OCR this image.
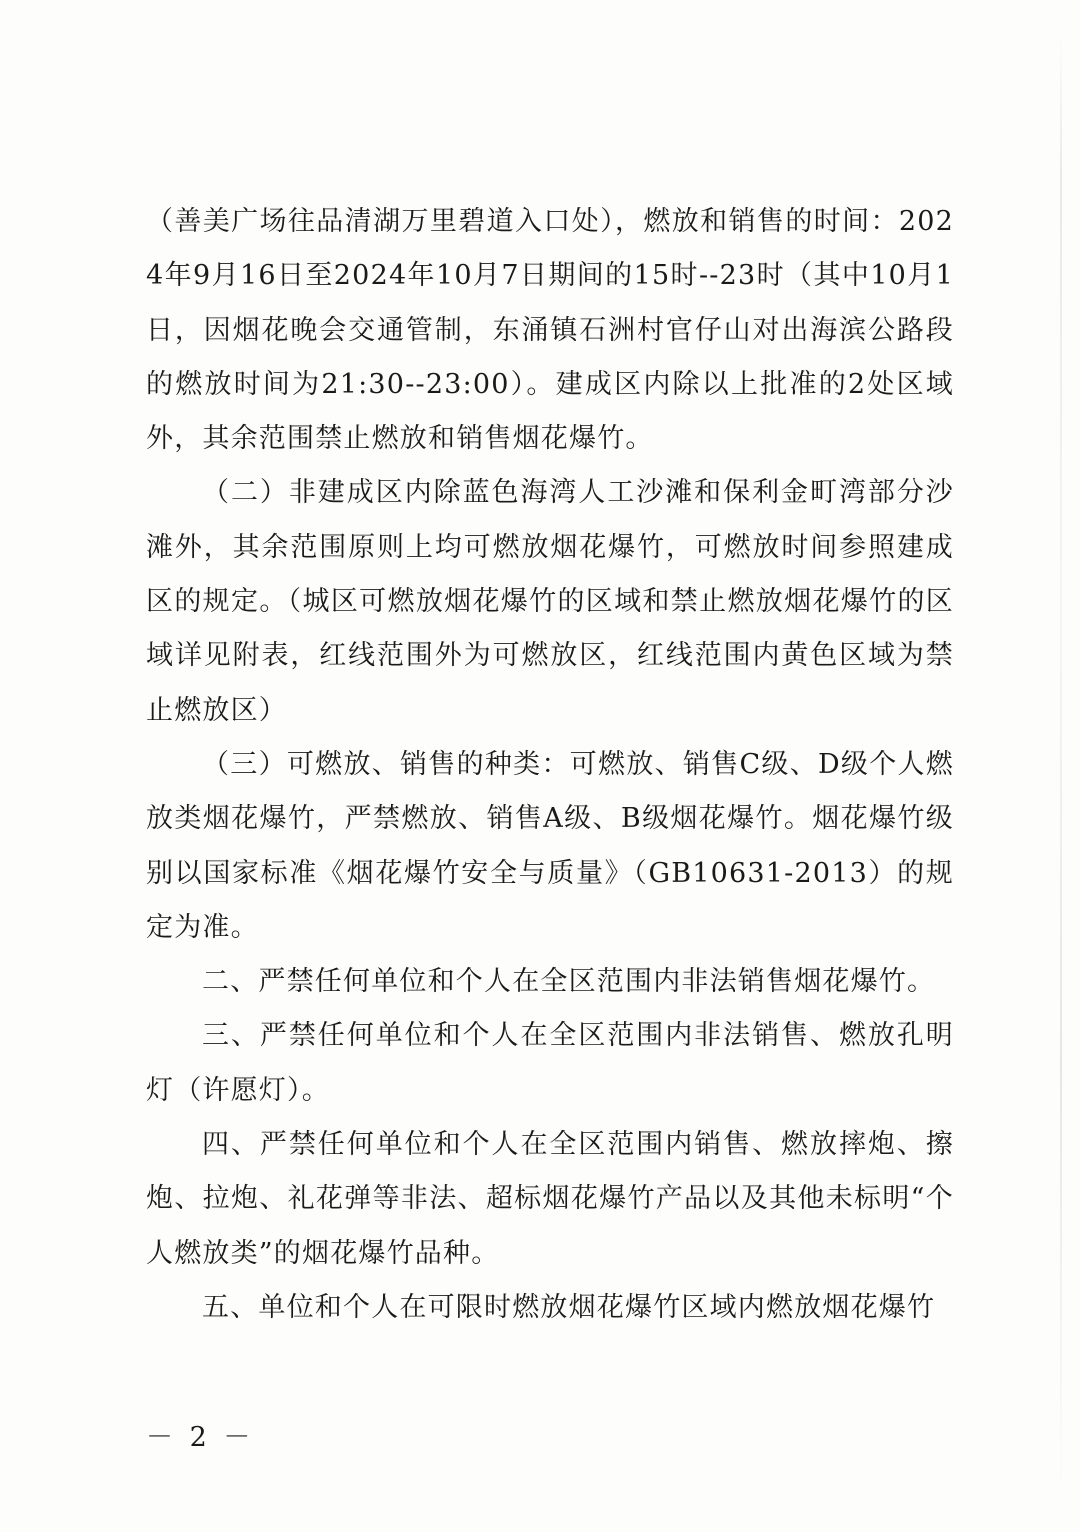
（善美广场往品清湖万里碧道入口处），燃放和销售的时间：2024年9月16日至2024年10月7日期间的15时--23时（其中10月1日，因烟花晚会交通管制，东涌镇石洲村官仔山对出海滨公路段的燃放时间为21:30--23:00）。建成区内除以上批准的2处区域外，其余范围禁止燃放和销售烟花爆竹。

（二）非建成区内除蓝色海湾人工沙滩和保利金町湾部分沙滩外，其余范围原则上均可燃放烟花爆竹，可燃放时间参照建成区的规定。（城区可燃放烟花爆竹的区域和禁止燃放烟花爆竹的区域详见附表，红线范围外为可燃放区，红线范围内黄色区域为禁止燃放区）

（三）可燃放、销售的种类：可燃放、销售C级、D级个人燃放类烟花爆竹，严禁燃放、销售A级、B级烟花爆竹。烟花爆竹级别以国家标准《烟花爆竹安全与质量》（GB10631-2013）的规定为准。

二、严禁任何单位和个人在全区范围内非法销售烟花爆竹。

三、严禁任何单位和个人在全区范围内非法销售、燃放孔明灯（许愿灯）。

四、严禁任何单位和个人在全区范围内销售、燃放摔炮、擦炮、拉炮、礼花弹等非法、超标烟花爆竹产品以及其他未标明“个人燃放类”的烟花爆竹品种。

五、单位和个人在可限时燃放烟花爆竹区域内燃放烟花爆竹

－ 2 －
